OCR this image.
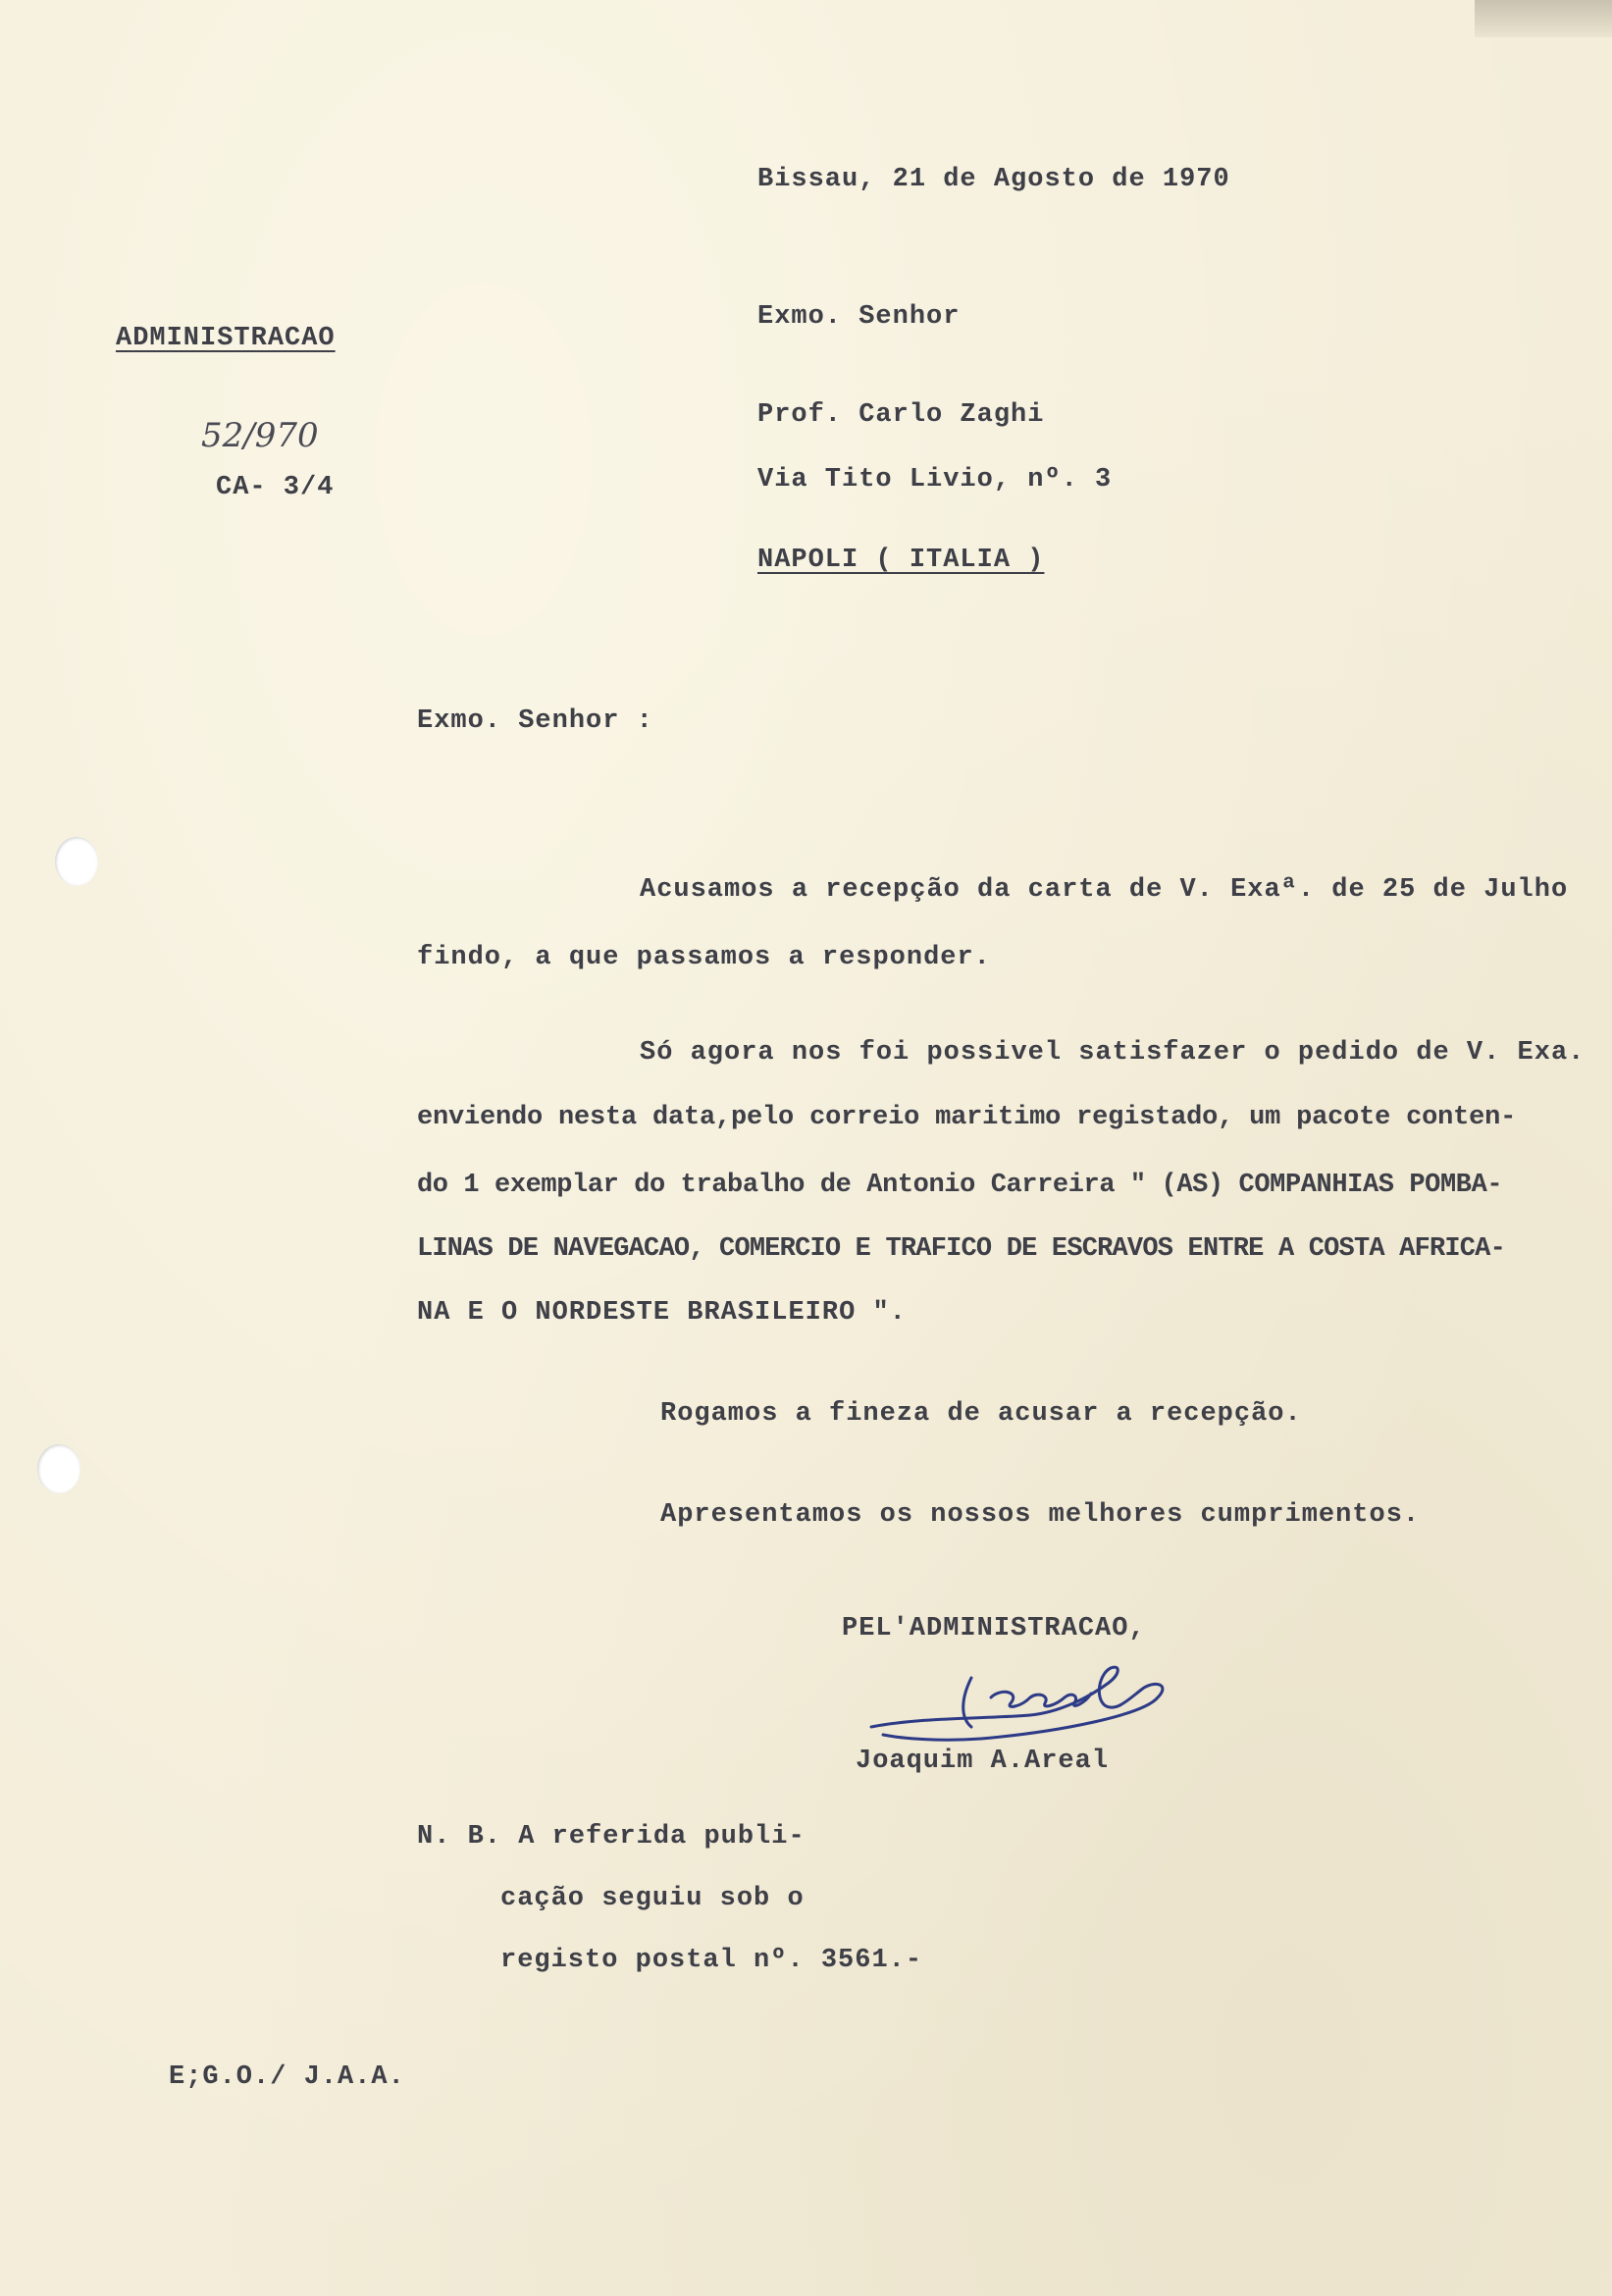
Bissau, 21 de Agosto de 1970
ADMINISTRACAO
52/970
CA- 3/4
Exmo. Senhor
Prof. Carlo Zaghi
Via Tito Livio, nº. 3
NAPOLI ( ITALIA )
Exmo. Senhor :
Acusamos a recepção da carta de V. Exaª. de 25 de Julho
findo, a que passamos a responder.
Só agora nos foi possivel satisfazer o pedido de V. Exa.
enviendo nesta data,pelo correio maritimo registado, um pacote conten-
do 1 exemplar do trabalho de Antonio Carreira " (AS) COMPANHIAS POMBA-
LINAS DE NAVEGACAO, COMERCIO E TRAFICO DE ESCRAVOS ENTRE A COSTA AFRICA-
NA E O NORDESTE BRASILEIRO ".
Rogamos a fineza de acusar a recepção.
Apresentamos os nossos melhores cumprimentos.
PEL'ADMINISTRACAO,
Joaquim A.Areal
N. B. A referida publi-
cação seguiu sob o
registo postal nº. 3561.-
E;G.O./ J.A.A.
